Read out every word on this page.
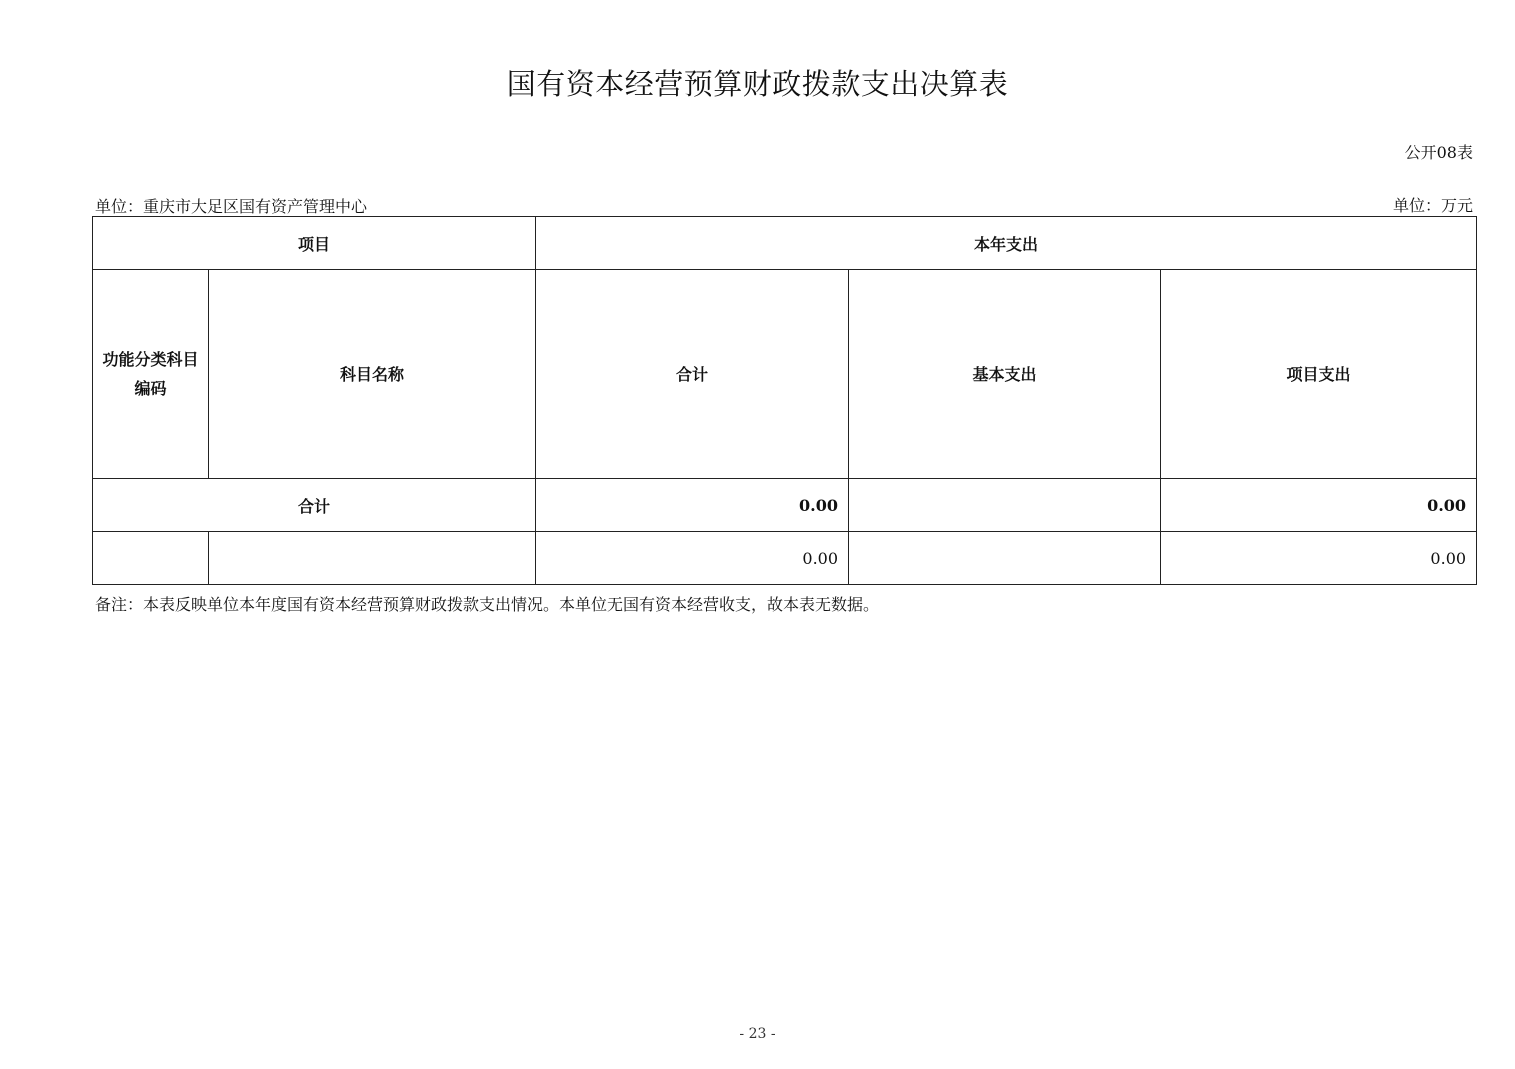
国有资本经营预算财政拨款支出决算表
公开08表
单位：重庆市大足区国有资产管理中心	单位：万元
项目		本年支出		
功能分类科目编码	科目名称	合计	基本支出	项目支出
合计		0.00		0.00
		0.00		0.00
备注：本表反映单位本年度国有资本经营预算财政拨款支出情况。本单位无国有资本经营收支，故本表无数据。
- 23 -
